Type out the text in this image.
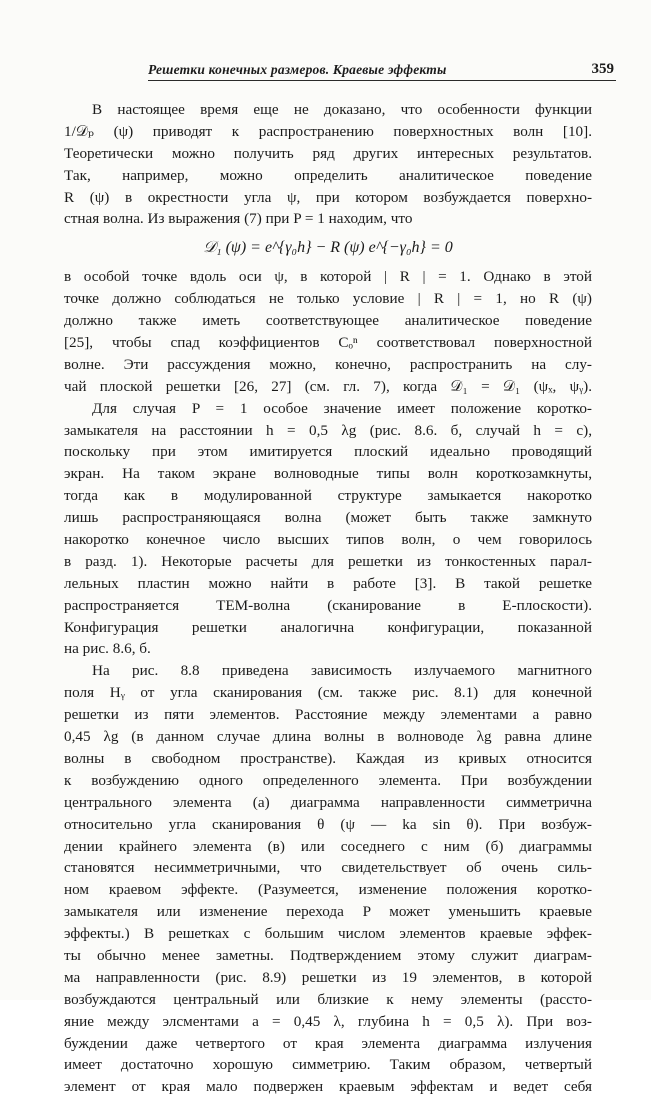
Решетки конечных размеров. Краевые эффекты	359
В настоящее время еще не доказано, что особенности функции
1/𝒟ₚ (ψ) приводят к распространению поверхностных волн [10].
Теоретически можно получить ряд других интересных результатов.
Так, например, можно определить аналитическое поведение
R (ψ) в окрестности угла ψ, при котором возбуждается поверхно-
стная волна. Из выражения (7) при P = 1 находим, что
𝒟₁ (ψ) = e^{γ₀h} − R (ψ) e^{−γ₀h} = 0
в особой точке вдоль оси ψ, в которой | R | = 1. Однако в этой
точке должно соблюдаться не только условие | R | = 1, но R (ψ)
должно также иметь соответствующее аналитическое поведение
[25], чтобы спад коэффициентов Cₒⁿ соответствовал поверхностной
волне. Эти рассуждения можно, конечно, распространить на слу-
чай плоской решетки [26, 27] (см. гл. 7), когда 𝒟₁ = 𝒟₁ (ψₓ, ψᵧ).
Для случая P = 1 особое значение имеет положение коротко-
замыкателя на расстоянии h = 0,5 λg (рис. 8.6. б, случай h = c),
поскольку при этом имитируется плоский идеально проводящий
экран. На таком экране волноводные типы волн короткозамкнуты,
тогда как в модулированной структуре замыкается накоротко
лишь распространяющаяся волна (может быть также замкнуто
накоротко конечное число высших типов волн, о чем говорилось
в разд. 1). Некоторые расчеты для решетки из тонкостенных парал-
лельных пластин можно найти в работе [3]. В такой решетке
распространяется ТЕМ-волна (сканирование в E-плоскости).
Конфигурация решетки аналогична конфигурации, показанной
на рис. 8.6, б.
На рис. 8.8 приведена зависимость излучаемого магнитного
поля Hᵧ от угла сканирования (см. также рис. 8.1) для конечной
решетки из пяти элементов. Расстояние между элементами a равно
0,45 λg (в данном случае длина волны в волноводе λg равна длине
волны в свободном пространстве). Каждая из кривых относится
к возбуждению одного определенного элемента. При возбуждении
центрального элемента (а) диаграмма направленности симметрична
относительно угла сканирования θ (ψ — ka sin θ). При возбуж-
дении крайнего элемента (в) или соседнего с ним (б) диаграммы
становятся несимметричными, что свидетельствует об очень силь-
ном краевом эффекте. (Разумеется, изменение положения коротко-
замыкателя или изменение перехода P может уменьшить краевые
эффекты.) В решетках с большим числом элементов краевые эффек-
ты обычно менее заметны. Подтверждением этому служит диаграм-
ма направленности (рис. 8.9) решетки из 19 элементов, в которой
возбуждаются центральный или близкие к нему элементы (рассто-
яние между элсментами a = 0,45 λ, глубина h = 0,5 λ). При воз-
буждении даже четвертого от края элемента диаграмма излучения
имеет достаточно хорошую симметрию. Таким образом, четвертый
элемент от края мало подвержен краевым эффектам и ведет себя
